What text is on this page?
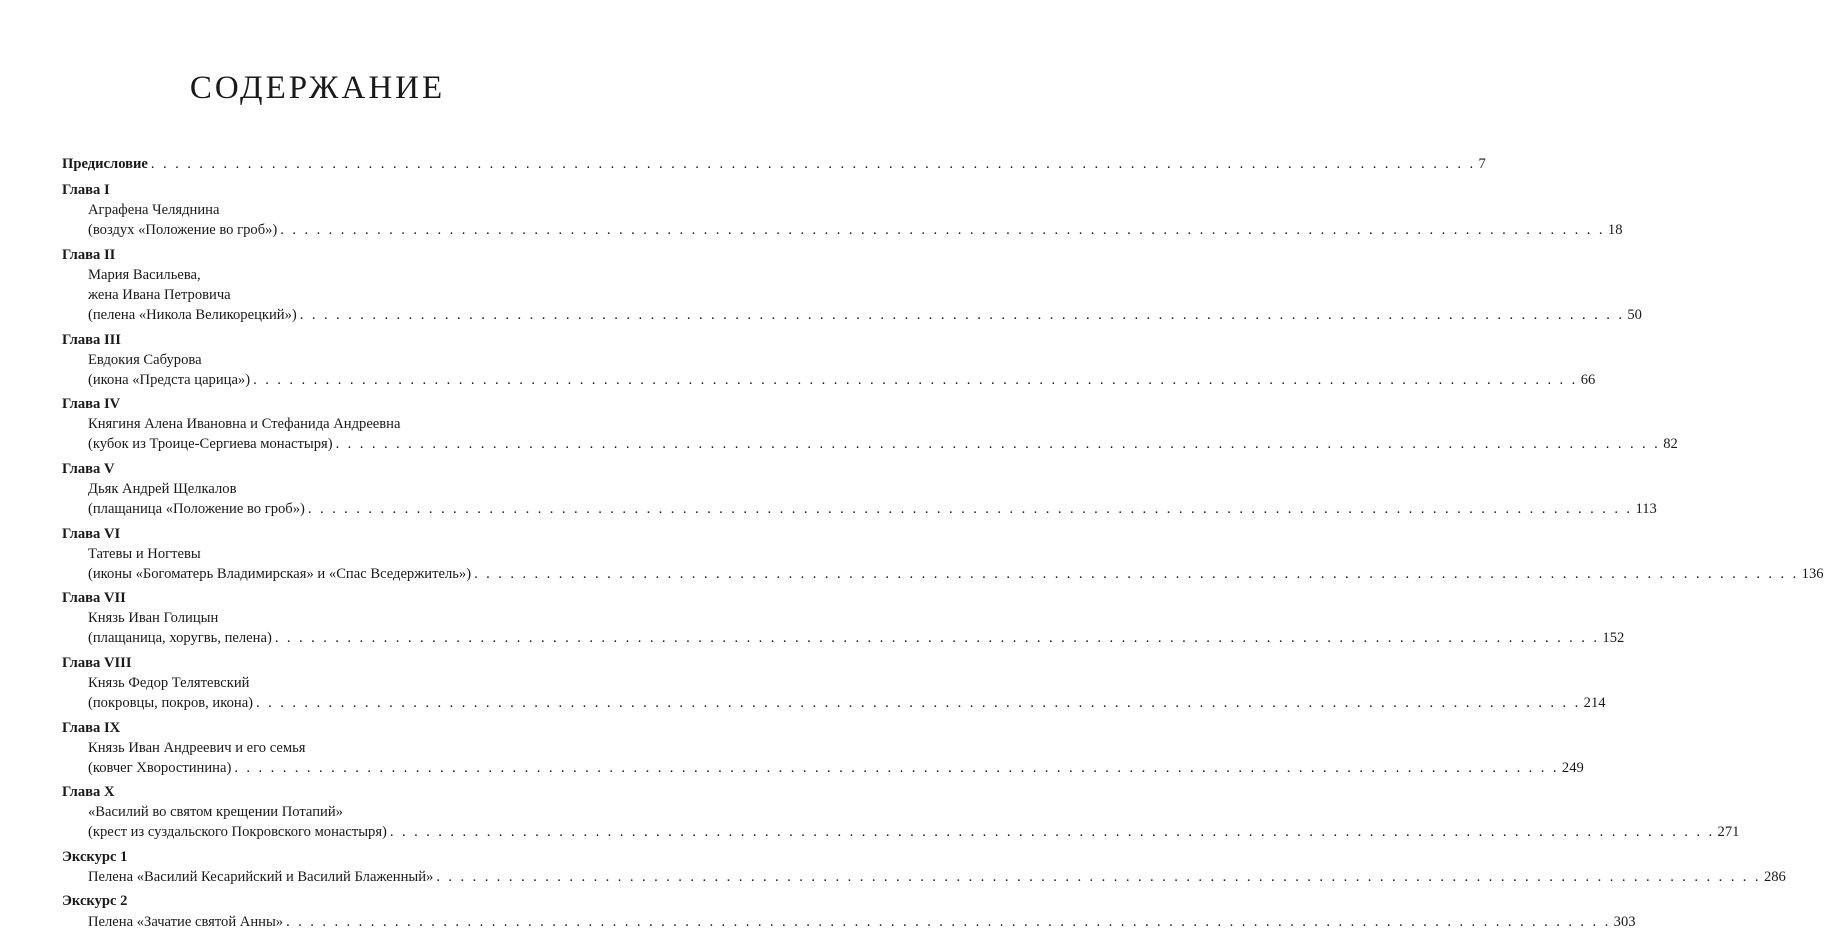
СОДЕРЖАНИЕ
Предисловие . . .	7
Глава I
Аграфена Челяднина
(воздух «Положение во гроб») . . .	18
Глава II
Мария Васильева,
жена Ивана Петровича
(пелена «Никола Великорецкий») . . .	50
Глава III
Евдокия Сабурова
(икона «Предста царица») . . .	66
Глава IV
Княгиня Алена Ивановна и Стефанида Андреевна
(кубок из Троице-Сергиева монастыря) . . .	82
Глава V
Дьяк Андрей Щелкалов
(плащаница «Положение во гроб») . . .	113
Глава VI
Татевы и Ногтевы
(иконы «Богоматерь Владимирская» и «Спас Вседержитель») . . .	136
Глава VII
Князь Иван Голицын
(плащаница, хоругвь, пелена) . . .	152
Глава VIII
Князь Федор Телятевский
(покровцы, покров, икона) . . .	214
Глава IX
Князь Иван Андреевич и его семья
(ковчег Хворостинина) . . .	249
Глава X
«Василий во святом крещении Потапий»
(крест из суздальского Покровского монастыря) . . .	271
Экскурс 1
Пелена «Василий Кесарийский и Василий Блаженный» . . .	286
Экскурс 2
Пелена «Зачатие святой Анны» . . .	303
